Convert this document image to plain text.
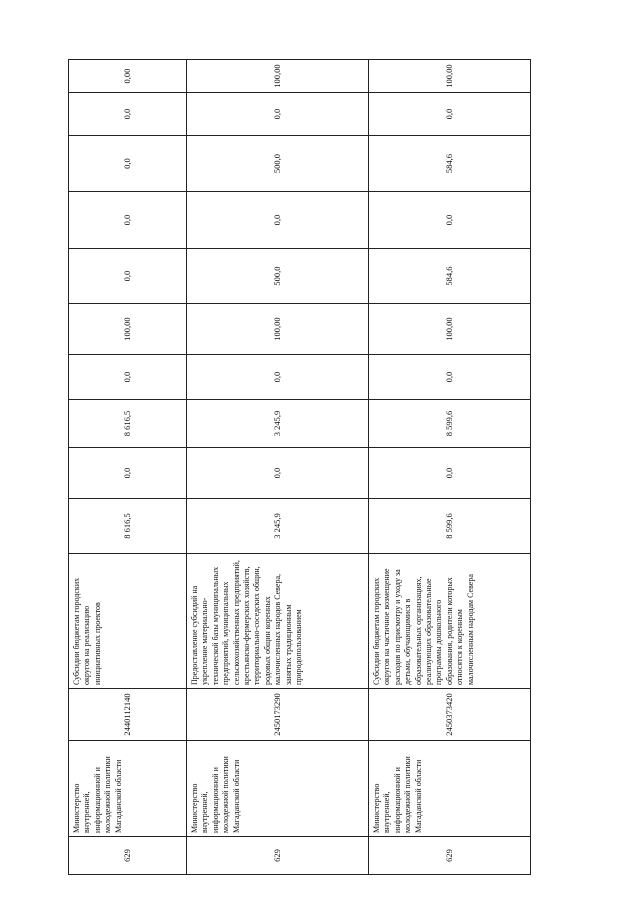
629	Министерство внутренней, информационной и молодежной политики Магаданской области	2440112140	Субсидии бюджетам городских округов на реализацию инициативных проектов	8 616,5	0,0	8 616,5	0,0	100,00	0,0	0,0	0,0	0,0	0,00
629	Министерство внутренней, информационной и молодежной политики Магаданской области	2450173290	Предоставление субсидий на укрепление материально-технической базы муниципальных предприятий, муниципальных сельскохозяйственных предприятий, крестьянско-фермерских хозяйств, территориально-соседских общин, родовых общин коренных малочисленных народов Севера, занятых традиционным природопользованием	3 245,9	0,0	3 245,9	0,0	100,00	500,0	0,0	500,0	0,0	100,00
629	Министерство внутренней, информационной и молодежной политики Магаданской области	2450373420	Субсидии бюджетам городских округов на частичное возмещение расходов по присмотру и уходу за детьми, обучающимися в образовательных организациях, реализующих образовательные программы дошкольного образования, родители которых относятся к коренным малочисленным народам Севера	8 599,6	0,0	8 599,6	0,0	100,00	584,6	0,0	584,6	0,0	100,00
